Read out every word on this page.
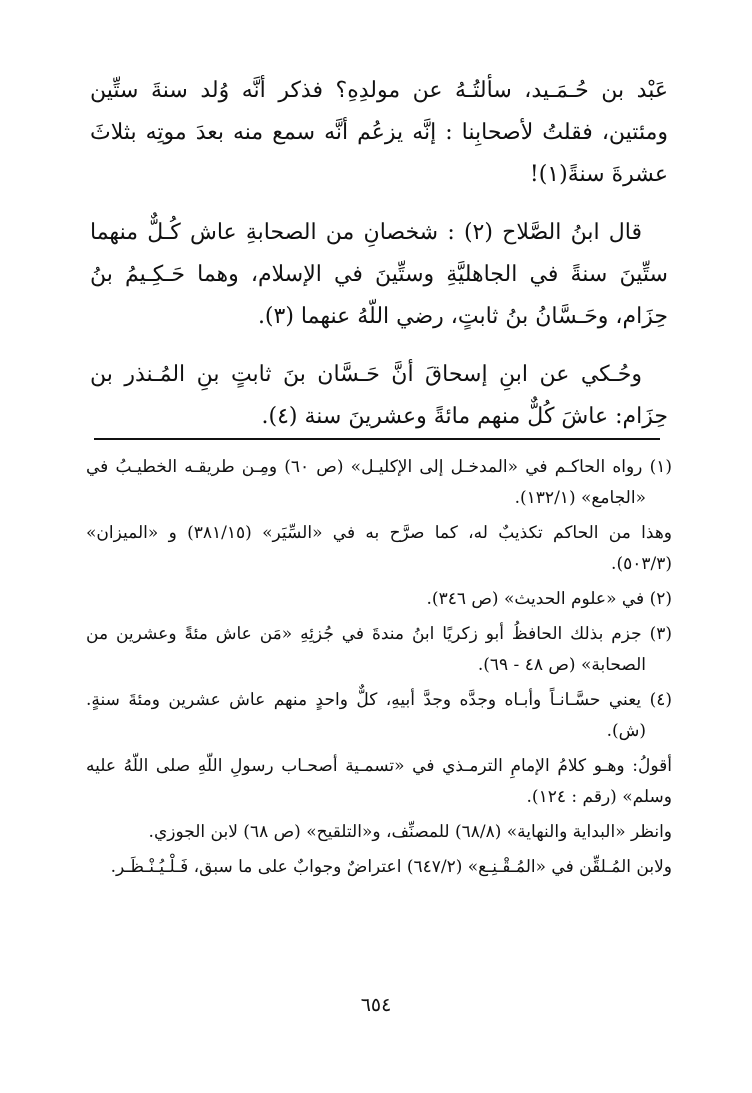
عَبْد بن حُـمَـيد، سألتُـهُ عن مولدِهِ؟ فذكر أنَّه وُلد سنةَ ستِّين ومئتين، فقلتُ لأصحابِنا : إنَّه يزعُم أنَّه سمع منه بعدَ موتِه بثلاثَ عشرةَ سنةً(١)!

قال ابنُ الصَّلاح (٢) : شخصانِ من الصحابةِ عاش كُـلٌّ منهما ستِّينَ سنةً في الجاهليَّةِ وستِّينَ في الإسلام، وهما حَـكِـيمُ بنُ حِزَام، وحَـسَّانُ بنُ ثابتٍ، رضي اللّهُ عنهما (٣).

وحُـكي عن ابنِ إسحاقَ أنَّ حَـسَّان بنَ ثابتٍ بنِ المُـنذر بن حِزَام: عاشَ كُلٌّ منهم مائةً وعشرينَ سنة (٤).

(١) رواه الحاكـم في «المدخـل إلى الإكليـل» (ص ٦٠) ومِـن طريقـه الخطيـبُ في «الجامع» (١٣٢/١).

وهذا من الحاكم تكذيبٌ له، كما صرَّح به في «السِّيَر» (٣٨١/١٥) و «الميزان» (٥٠٣/٣).

(٢) في «علوم الحديث» (ص ٣٤٦).

(٣) جزم بذلك الحافظُ أبو زكريًا ابنُ مندةَ في جُزئِهِ «مَن عاش مئةً وعشرين من الصحابة» (ص ٤٨ - ٦٩).

(٤) يعني حسَّـانـاً وأبـاه وجدَّه وجدَّ أبيهِ، كلٌّ واحدٍ منهم عاش عشرين ومئةَ سنةٍ. (ش).

أقولُ: وهـو كلامُ الإمامِ الترمـذي في «تسمـية أصحـاب رسولِ اللّهِ صلى اللّهُ عليه وسلم» (رقم : ١٢٤).

وانظر «البداية والنهاية» (٦٨/٨) للمصنِّف، و«التلقيح» (ص ٦٨) لابن الجوزي.

ولابن المُـلقِّن في «المُـقْـنِـع» (٦٤٧/٢) اعتراضٌ وجوابٌ على ما سبق، فَـلْـيُـنْـظَـر.

٦٥٤
